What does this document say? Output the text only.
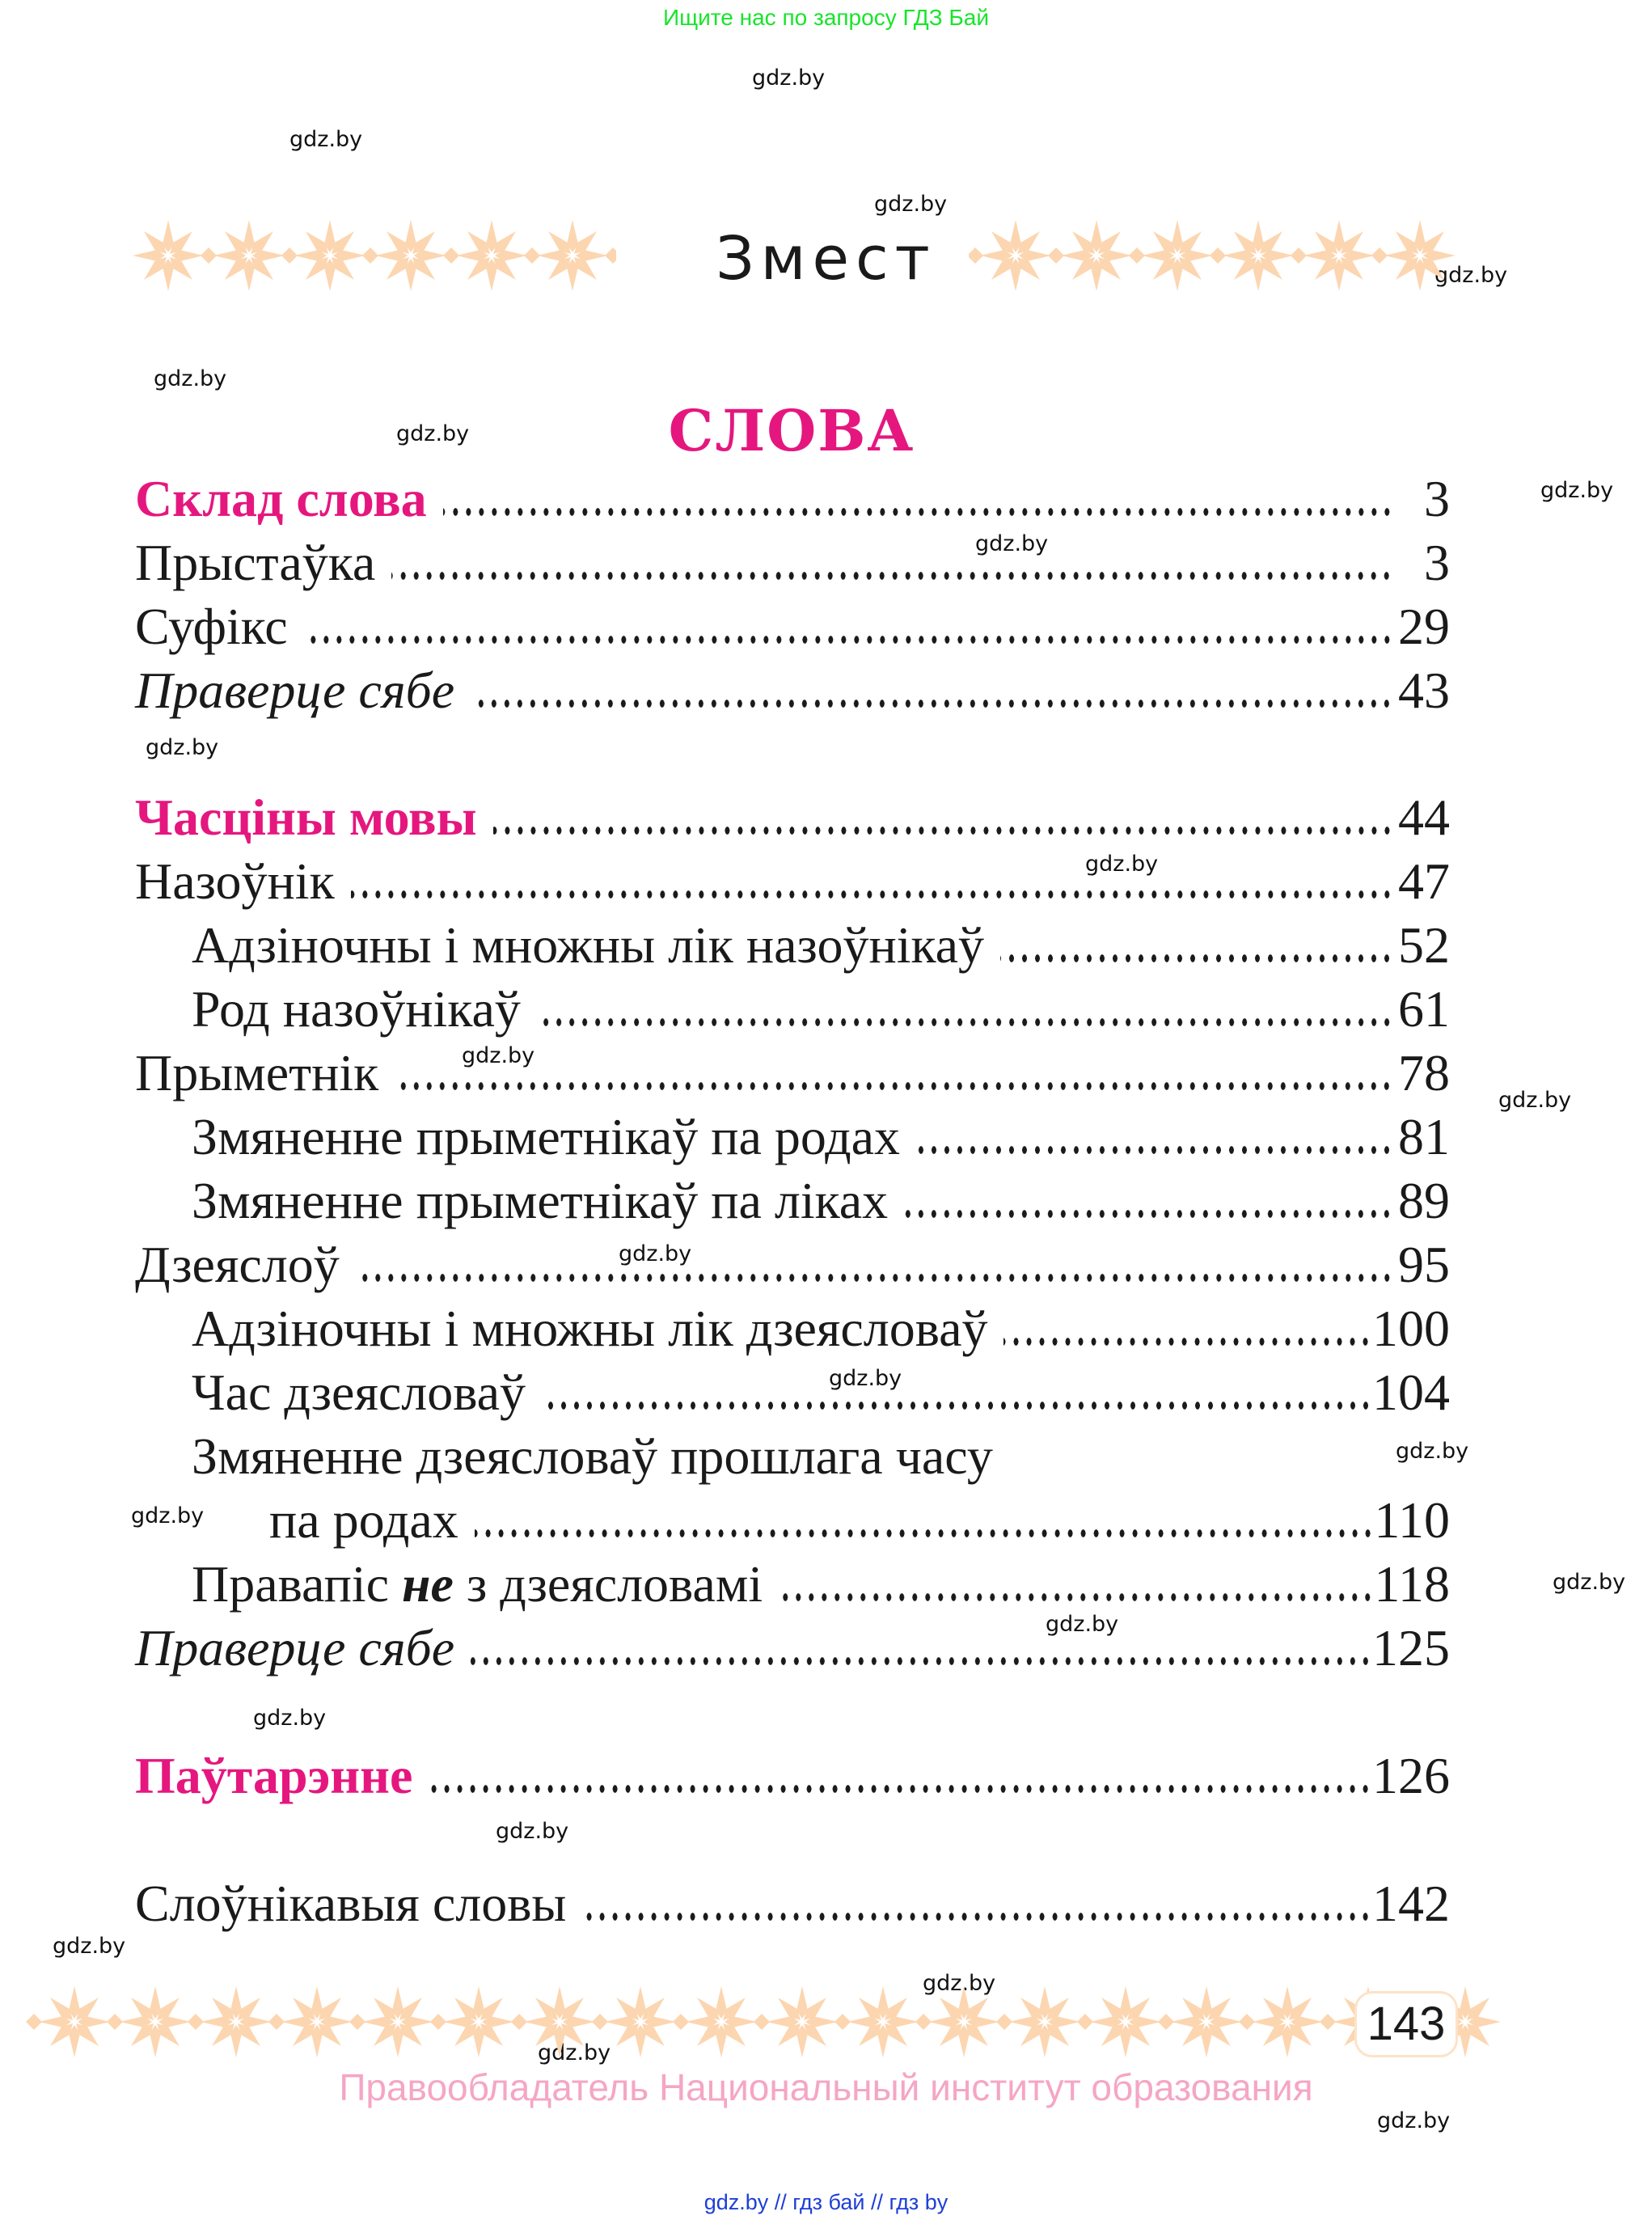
Ищите нас по запросу ГДЗ Бай
gdz.by
gdz.by
gdz.by
gdz.by
gdz.by
gdz.by
gdz.by
gdz.by
gdz.by
gdz.by
gdz.by
gdz.by
gdz.by
gdz.by
gdz.by
gdz.by
gdz.by
gdz.by
gdz.by
gdz.by
gdz.by
gdz.by
gdz.by
gdz.by
Змест
СЛОВА
Склад слова	3
Прыстаўка	3
Суфікс	29
Праверце сябе	43
Часціны мовы	44
Назоўнік	47
Адзіночны і множны лік назоўнікаў	52
Род назоўнікаў	61
Прыметнік	78
Змяненне прыметнікаў па родах	81
Змяненне прыметнікаў па ліках	89
Дзеяслоў	95
Адзіночны і множны лік дзеясловаў	100
Час дзеясловаў	104
Змяненне дзеясловаў прошлага часу
па родах	110
Правапіс не з дзеясловамі	118
Праверце сябе	125
Паўтарэнне	126
Слоўнікавыя словы	142
143
Правообладатель Национальный институт образования
gdz.by // гдз бай // гдз by
